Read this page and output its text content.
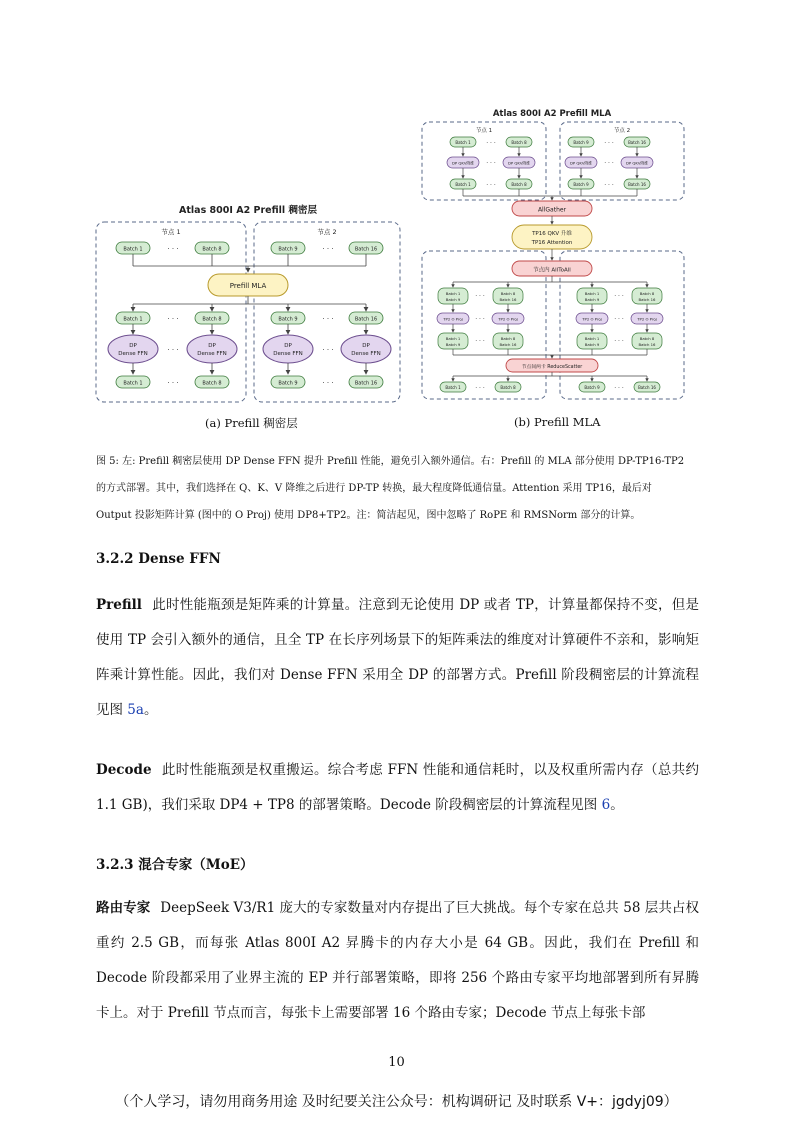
Atlas 800I A2 Prefill 稠密层
节点 1	节点 2
Batch 1	Batch 8	Batch 9	Batch 16
· · ·	· · ·
Prefill MLA
Batch 1	Batch 8	Batch 9	Batch 16
· · ·	· · ·
DP
Dense FFN
DP
Dense FFN
DP
Dense FFN
DP
Dense FFN
· · ·	· · ·
Batch 1	Batch 8	Batch 9	Batch 16
· · ·	· · ·
(a) Prefill 稠密层
Atlas 800I A2 Prefill MLA
节点 1	节点 2
Batch 1	Batch 8	Batch 9	Batch 16
· · ·	· · ·
DP QKV降维	DP QKV降维	DP QKV降维	DP QKV降维
· · ·	· · ·
Batch 1	Batch 8	Batch 9	Batch 16
· · ·	· · ·
AllGather
TP16 QKV 升维
TP16 Attention
节点内 AllToAll
Batch 1
Batch 9
Batch 8
Batch 16
Batch 1
Batch 9
Batch 8
Batch 16
· · ·	· · ·
TP2 O Proj	TP2 O Proj	TP2 O Proj	TP2 O Proj
· · ·	· · ·
Batch 1
Batch 9
Batch 8
Batch 16
Batch 1
Batch 9
Batch 8
Batch 16
· · ·	· · ·
节点间两卡 ReduceScatter
Batch 1	Batch 8	Batch 9	Batch 16
· · ·	· · ·
(b) Prefill MLA
图 5: 左: Prefill 稠密层使用 DP Dense FFN 提升 Prefill 性能，避免引入额外通信。右：Prefill 的 MLA 部分使用 DP-TP16-TP2
的方式部署。其中，我们选择在 Q、K、V 降维之后进行 DP-TP 转换，最大程度降低通信量。Attention 采用 TP16，最后对
Output 投影矩阵计算 (图中的 O Proj) 使用 DP8+TP2。注：简洁起见，图中忽略了 RoPE 和 RMSNorm 部分的计算。
3.2.2 Dense FFN

Prefill 此时性能瓶颈是矩阵乘的计算量。注意到无论使用 DP 或者 TP，计算量都保持不变，但是使用 TP 会引入额外的通信，且全 TP 在长序列场景下的矩阵乘法的维度对计算硬件不亲和，影响矩阵乘计算性能。因此，我们对 Dense FFN 采用全 DP 的部署方式。Prefill 阶段稠密层的计算流程见图 5a。

Decode 此时性能瓶颈是权重搬运。综合考虑 FFN 性能和通信耗时，以及权重所需内存（总共约 1.1 GB)，我们采取 DP4 + TP8 的部署策略。Decode 阶段稠密层的计算流程见图 6。

3.2.3 混合专家（MoE）

路由专家 DeepSeek V3/R1 庞大的专家数量对内存提出了巨大挑战。每个专家在总共 58 层共占权重约 2.5 GB，而每张 Atlas 800I A2 昇腾卡的内存大小是 64 GB。因此，我们在 Prefill 和 Decode 阶段都采用了业界主流的 EP 并行部署策略，即将 256 个路由专家平均地部署到所有昇腾卡上。对于 Prefill 节点而言，每张卡上需要部署 16 个路由专家；Decode 节点上每张卡部

10
（个人学习，请勿用商务用途 及时纪要关注公众号：机构调研记 及时联系 V+：jgdyj09）
